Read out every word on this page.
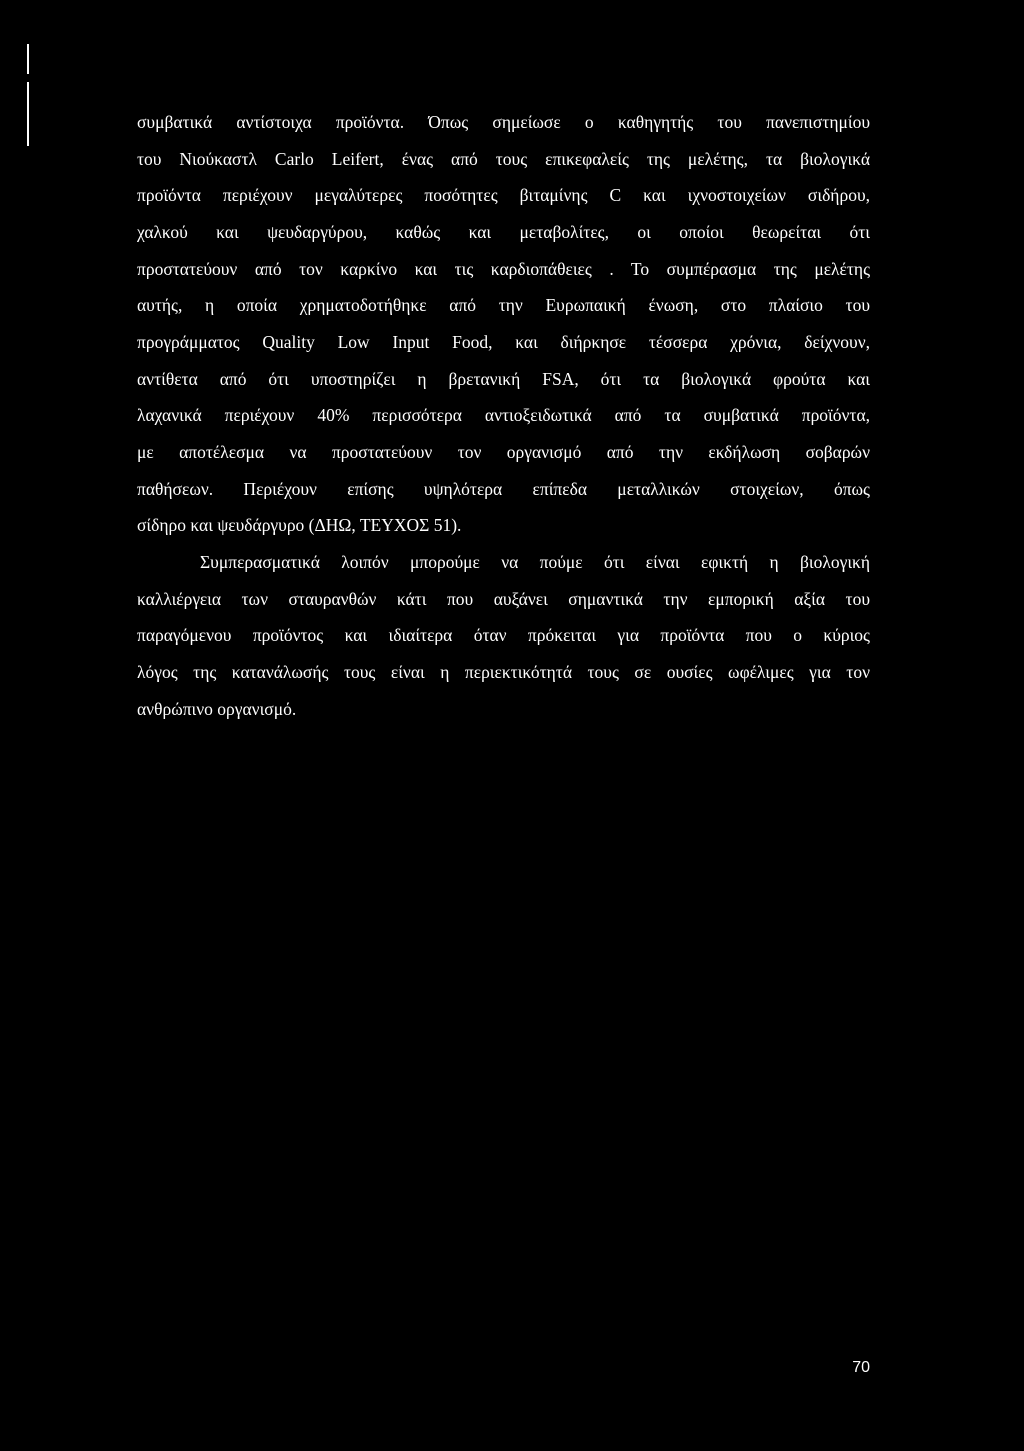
συμβατικά αντίστοιχα προϊόντα. Όπως σημείωσε ο καθηγητής του πανεπιστημίου
του Νιούκαστλ Carlo Leifert, ένας από τους επικεφαλείς της μελέτης, τα βιολογικά
προϊόντα περιέχουν μεγαλύτερες ποσότητες βιταμίνης C και ιχνοστοιχείων σιδήρου,
χαλκού και ψευδαργύρου, καθώς και μεταβολίτες, οι οποίοι θεωρείται ότι
προστατεύουν από τον καρκίνο και τις καρδιοπάθειες . Το συμπέρασμα της μελέτης
αυτής, η οποία χρηματοδοτήθηκε από την Ευρωπαική ένωση, στο πλαίσιο του
προγράμματος Quality Low Input Food, και διήρκησε τέσσερα χρόνια, δείχνουν,
αντίθετα από ότι υποστηρίζει η βρετανική FSA, ότι τα βιολογικά φρούτα και
λαχανικά περιέχουν 40% περισσότερα αντιοξειδωτικά από τα συμβατικά προϊόντα,
με αποτέλεσμα να προστατεύουν τον οργανισμό από την εκδήλωση σοβαρών
παθήσεων. Περιέχουν επίσης υψηλότερα επίπεδα μεταλλικών στοιχείων, όπως
σίδηρο και ψευδάργυρο (ΔΗΩ, ΤΕΥΧΟΣ 51).
Συμπερασματικά λοιπόν μπορούμε να πούμε ότι είναι εφικτή η βιολογική
καλλιέργεια των σταυρανθών κάτι που αυξάνει σημαντικά την εμπορική αξία του
παραγόμενου προϊόντος και ιδιαίτερα όταν πρόκειται για προϊόντα που ο κύριος
λόγος της κατανάλωσής τους είναι η περιεκτικότητά τους σε ουσίες ωφέλιμες για τον
ανθρώπινο οργανισμό.
70
